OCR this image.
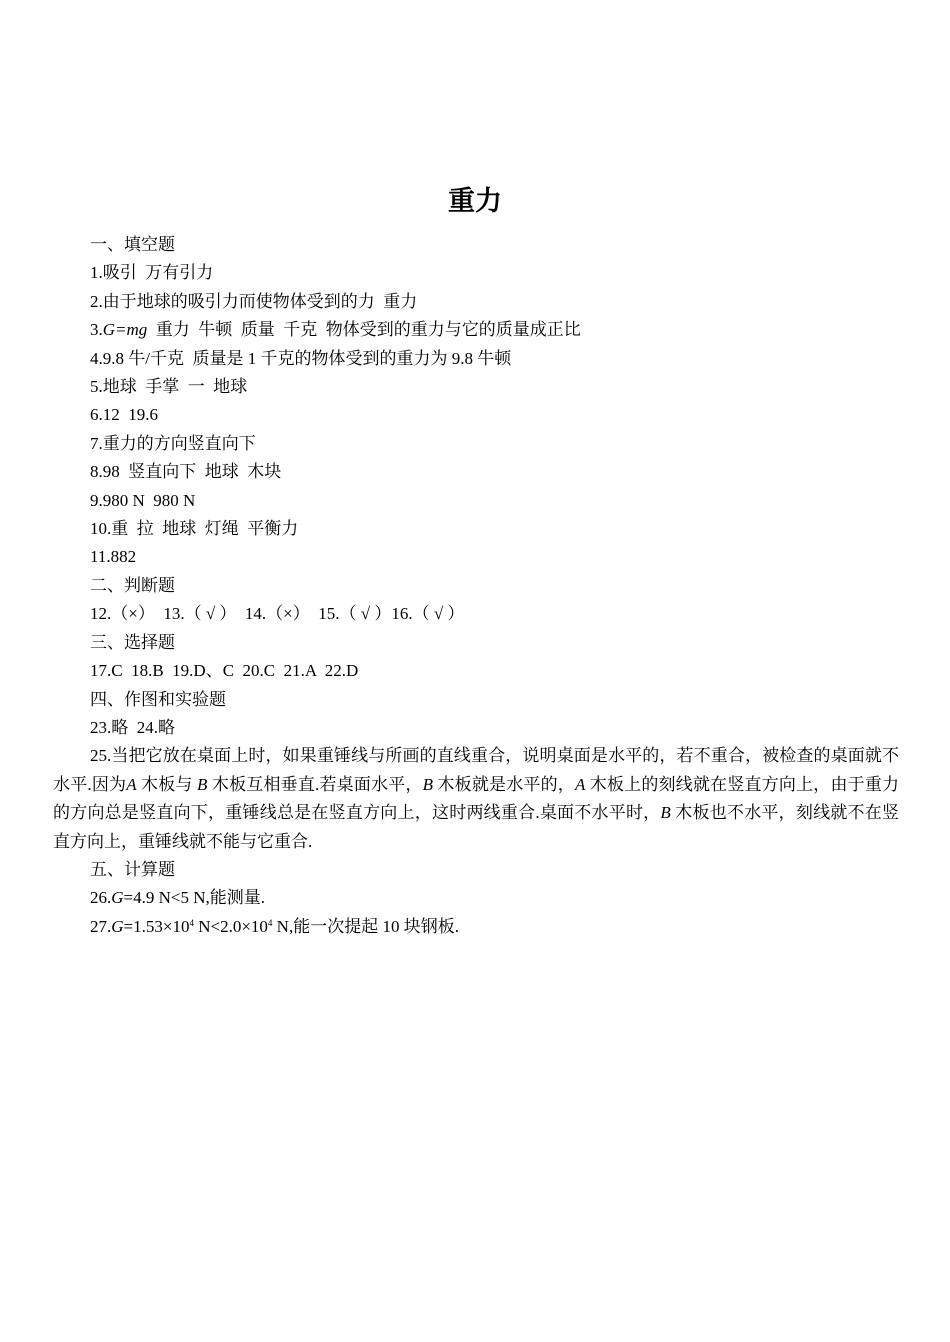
重力
一、填空题
1.吸引  万有引力
2.由于地球的吸引力而使物体受到的力  重力
3.G=mg  重力  牛顿  质量  千克  物体受到的重力与它的质量成正比
4.9.8 牛/千克  质量是 1 千克的物体受到的重力为 9.8 牛顿
5.地球  手掌  一  地球
6.12  19.6
7.重力的方向竖直向下
8.98  竖直向下  地球  木块
9.980 N  980 N
10.重  拉  地球  灯绳  平衡力
11.882
二、判断题
12.（×）  13.（ √ ）  14.（×）  15.（ √ ）16.（ √ ）
三、选择题
17.C  18.B  19.D、C  20.C  21.A  22.D
四、作图和实验题
23.略  24.略
25.当把它放在桌面上时，如果重锤线与所画的直线重合，说明桌面是水平的，若不重合，被检查的桌面就不水平.因为A 木板与 B 木板互相垂直.若桌面水平，B 木板就是水平的，A 木板上的刻线就在竖直方向上，由于重力的方向总是竖直向下，重锤线总是在竖直方向上，这时两线重合.桌面不水平时，B 木板也不水平，刻线就不在竖直方向上，重锤线就不能与它重合.
五、计算题
26.G=4.9 N<5 N,能测量.
$27.G=1.53\times 10^4$ $N<2.0\times 10^4$ N,能一次提起 10 块钢板.
